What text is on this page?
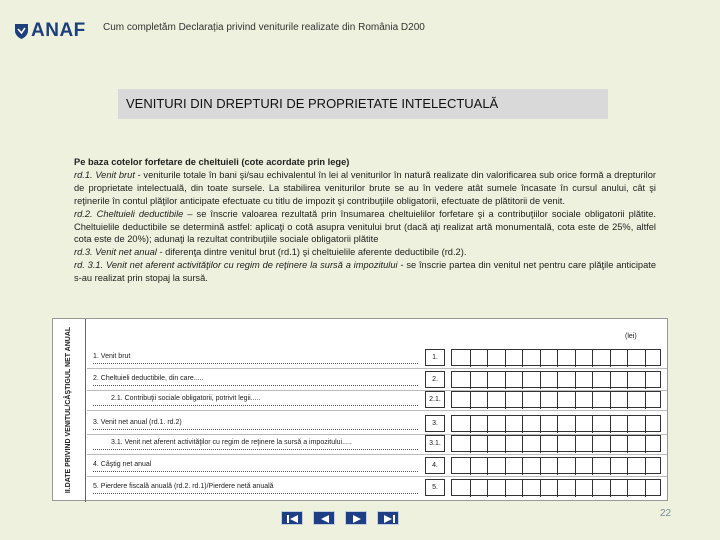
ANAF Cum completăm Declarația privind veniturile realizate din România D200
VENITURI DIN DREPTURI DE PROPRIETATE INTELECTUALĂ

Pe baza cotelor forfetare de cheltuieli (cote acordate prin lege)

rd.1. Venit brut - veniturile totale în bani şi/sau echivalentul în lei al veniturilor în natură realizate din valorificarea sub orice formă a drepturilor de proprietate intelectuală, din toate sursele. La stabilirea veniturilor brute se au în vedere atât sumele încasate în cursul anului, cât şi reţinerile în contul plăţilor anticipate efectuate cu titlu de impozit şi contribuţiile obligatorii, efectuate de plătitorii de venit.

rd.2. Cheltuieli deductibile – se înscrie valoarea rezultată prin însumarea cheltuielilor forfetare şi a contribuţiilor sociale obligatorii plătite. Cheltuielile deductibile se determină astfel: aplicaţi o cotă asupra venitului brut (dacă aţi realizat artă monumentală, cota este de 25%, altfel cota este de 20%); adunaţi la rezultat contribuţiile sociale obligatorii plătite

rd.3. Venit net anual - diferenţa dintre venitul brut (rd.1) şi cheltuielile aferente deductibile (rd.2).

rd. 3.1. Venit net aferent activităţilor cu regim de reţinere la sursă a impozitului - se înscrie partea din venitul net pentru care plăţile anticipate s-au realizat prin stopaj la sursă.

II.DATE PRIVIND VENITUL/CÂŞTIGUL NET ANUAL	(lei)
1. Venit brut	1.
2. Cheltuieli deductibile, din care.....	2.
2.1. Contribuţii sociale obligatorii, potrivit legii.....	2.1.
3. Venit net anual (rd.1. rd.2)	3.
3.1. Venit net aferent activităţilor cu regim de reţinere la sursă a impozitului.....	3.1.
4. Câştig net anual	4.
5. Pierdere fiscală anuală (rd.2. rd.1)/Pierdere netă anuală	5.
22
